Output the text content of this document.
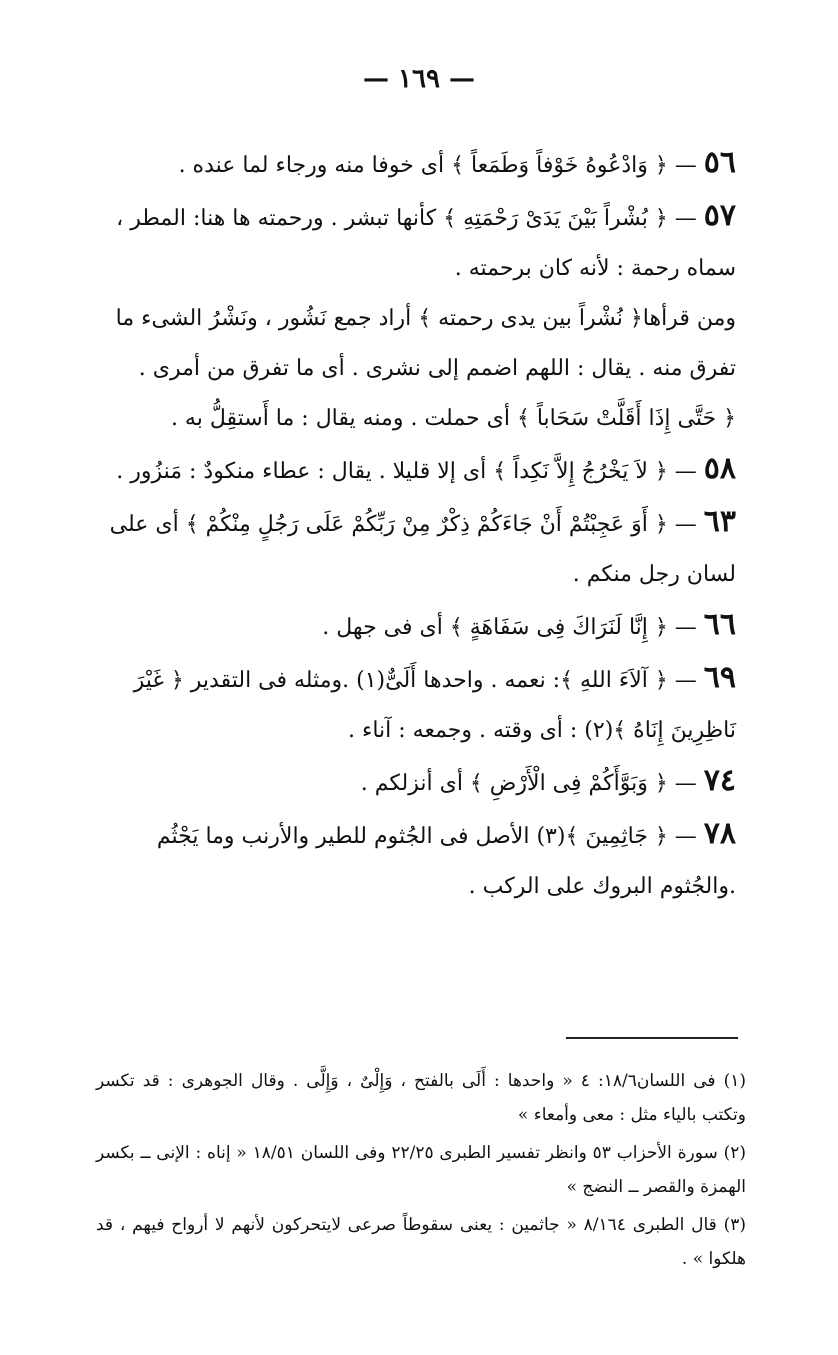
— ١٦٩ —

٥٦ — ﴿ وَادْعُوهُ خَوْفاً وَطَمَعاً ﴾ أى خوفا منه ورجاء لما عنده .

٥٧ — ﴿ بُشْراً بَيْنَ يَدَىْ رَحْمَتِهِ ﴾ كأنها تبشر . ورحمته ها هنا: المطر ، سماه رحمة : لأنه كان برحمته .

ومن قرأها﴿ نُشْراً بين يدى رحمته ﴾ أراد جمع نَشُور ، ونَشْرُ الشىء ما تفرق منه . يقال : اللهم اضمم إلى نشرى . أى ما تفرق من أمرى .

﴿ حَتَّى إِذَا أَقَلَّتْ سَحَاباً ﴾ أى حملت . ومنه يقال : ما أَستقِلُّ به .

٥٨ — ﴿ لاَ يَخْرُجُ إِلاَّ نَكِداً ﴾ أى إلا قليلا . يقال : عطاء منكودٌ : مَنزُور .

٦٣ — ﴿ أَوَ عَجِبْتُمْ أَنْ جَاءَكُمْ ذِكْرٌ مِنْ رَبِّكُمْ عَلَى رَجُلٍ مِنْكُمْ ﴾ أى على لسان رجل منكم .

٦٦ — ﴿ إِنَّا لَنَرَاكَ فِى سَفَاهَةٍ ﴾ أى فى جهل .

٦٩ — ﴿ آلاَءَ اللهِ ﴾: نعمه . واحدها أَلَىٌّ(١) .ومثله فى التقدير ﴿ غَيْرَ نَاظِرِينَ إِنَاهُ ﴾(٢) : أى وقته . وجمعه : آناء .

٧٤ — ﴿ وَبَوَّأَكُمْ فِى الْأَرْضِ ﴾ أى أنزلكم .

٧٨ — ﴿ جَاثِمِينَ ﴾(٣) الأصل فى الجُثوم للطير والأرنب وما يَجْثُم .والجُثوم البروك على الركب .

(١) فى اللسان١٨/٦: ٤ « واحدها : أَلَى بالفتح ، وَإِلْىٌ ، وَإِلَّى . وقال الجوهرى : قد تكسر وتكتب بالياء مثل : معى وأمعاء »

(٢) سورة الأحزاب ٥٣ وانظر تفسير الطبرى ٢٢/٢٥ وفى اللسان ١٨/٥١ « إناه : الإنى ــ بكسر الهمزة والقصر ــ النضج »

(٣) قال الطبرى ٨/١٦٤ « جاثمين : يعنى سقوطاً صرعى لايتحركون لأنهم لا أرواح فيهم ، قد هلكوا » .
